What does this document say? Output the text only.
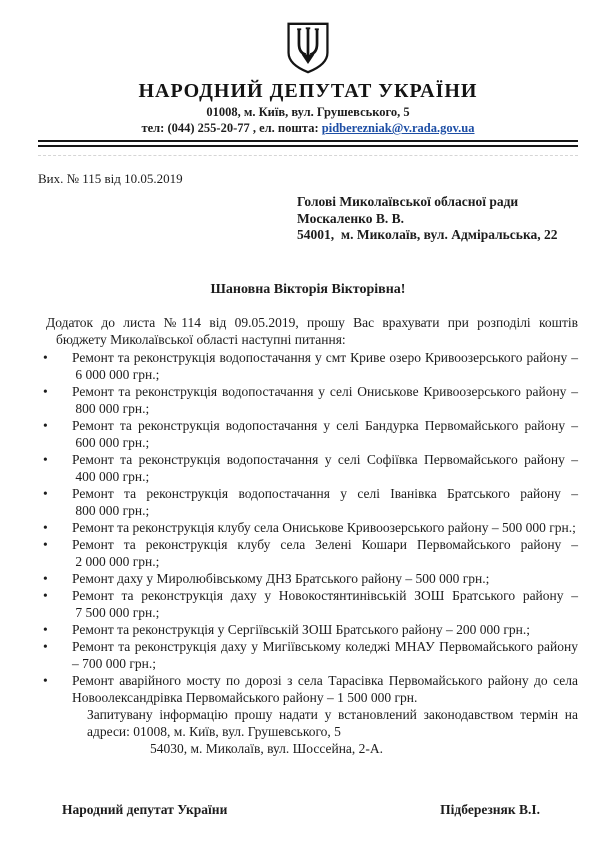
НАРОДНИЙ ДЕПУТАТ УКРАЇНИ
01008, м. Київ, вул. Грушевського, 5
тел: (044) 255-20-77 , ел. пошта: pidberezniak@v.rada.gov.ua
Вих. № 115 від 10.05.2019
Голові Миколаївської обласної ради
Москаленко В. В.
54001,  м. Миколаїв, вул. Адміральська, 22
Шановна Вікторія Вікторівна!
Додаток до листа №114 від 09.05.2019, прошу Вас врахувати при розподілі коштів
бюджету Миколаївської області наступні питання:
• Ремонт та реконструкція водопостачання у смт Криве озеро Кривоозерського району – 6 000 000 грн.;
• Ремонт та реконструкція водопостачання у селі Ониськове Кривоозерського району – 800 000 грн.;
• Ремонт та реконструкція водопостачання у селі Бандурка Первомайського району – 600 000 грн.;
• Ремонт та реконструкція водопостачання у селі Софіївка Первомайського району – 400 000 грн.;
• Ремонт та реконструкція водопостачання у селі Іванівка Братського району – 800 000 грн.;
• Ремонт та реконструкція клубу села Ониськове Кривоозерського району – 500 000 грн.;
• Ремонт та реконструкція клубу села Зелені Кошари Первомайського району – 2 000 000 грн.;
• Ремонт даху у Миролюбівському ДНЗ Братського району – 500 000 грн.;
• Ремонт та реконструкція даху у Новокостянтинівській ЗОШ Братського району – 7 500 000 грн.;
• Ремонт та реконструкція у Сергіївській ЗОШ Братського району – 200 000 грн.;
• Ремонт та реконструкція даху у Мигіївському коледжі МНАУ Первомайського району – 700 000 грн.;
• Ремонт аварійного мосту по дорозі з села Тарасівка Первомайського району до села Новоолександрівка Первомайського району – 1 500 000 грн.
Запитувану інформацію прошу надати у встановлений законодавством термін на
адреси: 01008, м. Київ, вул. Грушевського, 5
54030, м. Миколаїв, вул. Шоссейна, 2-А.
Народний депутат України	Підберезняк В.І.
